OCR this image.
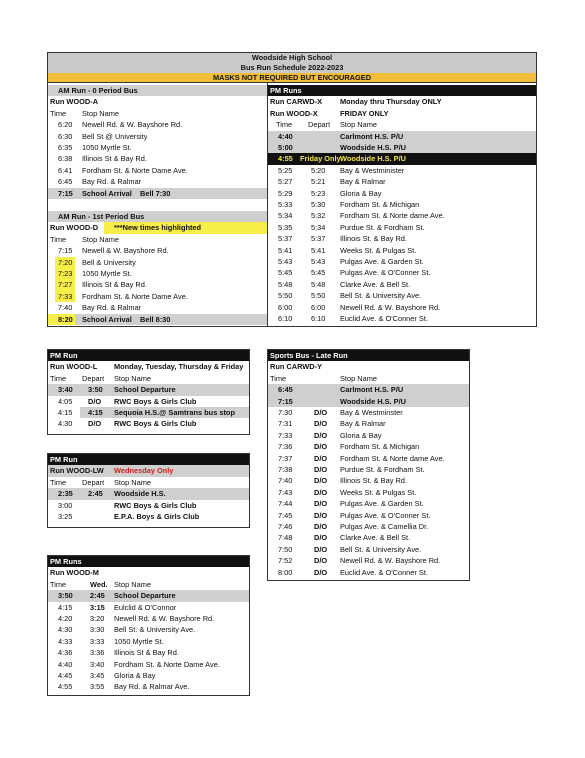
Woodside High School
Bus Run Schedule 2022-2023
MASKS NOT REQUIRED BUT ENCOURAGED
AM Run - 0 Period Bus
Run WOOD-A
Time Stop Name
6:20 Newell Rd. & W. Bayshore Rd.
6:30 Bell St @ University
6:35 1050 Myrtle St.
6:38 Illinois St & Bay Rd.
6:41 Fordham St. & Norte Dame Ave.
6:45 Bay Rd. & Ralmar
7:15 School Arrival Bell 7:30
AM Run - 1st Period Bus
Run WOOD-D	***New times highlighted
Time Stop Name
7:15 Newell & W. Bayshore Rd.
7:20	Bell & University
7:23	1050 Myrtle St.
7:27	Illinois St & Bay Rd.
7:33	Fordham St. & Norte Dame Ave.
7:40 Bay Rd. & Ralmar
8:20 School Arrival Bell 8:30
PM Runs
Run CARWD-X Monday thru Thursday ONLY
Run WOOD-X	FRIDAY ONLY
Time Depart Stop Name
4:40	Carlmont H.S. P/U
5:00	Woodside H.S. P/U
4:55 Friday Only Woodside H.S. P/U
5:25	5:20 Bay & Westminister
5:27	5:21 Bay & Ralmar
5:29	5:23 Gloria & Bay
5:33	5:30 Fordham St. & Michigan
5:34	5:32 Fordham St. & Norte dame Ave.
5:35	5:34 Purdue St. & Fordham St.
5:37	5:37 Illinois St. & Bay Rd.
5:41	5:41 Weeks St. & Pulgas St.
5:43	5:43 Pulgas Ave. & Garden St.
5:45	5:45 Pulgas Ave. & O'Conner St.
5:48	5:48 Clarke Ave. & Bell St.
5:50	5:50 Bell St. & University Ave.
6:00	6:00 Newell Rd. & W. Bayshore Rd.
6:10	6:10 Euclid Ave. & O'Conner St.
PM Run
Run WOOD-L Monday, Tuesday, Thursday & Friday
Time Depart Stop Name
3:40 3:50 School Departure
4:05 D/O RWC Boys & Girls Club
4:15	4:15 Sequoia H.S.@ Samtrans bus stop
4:30 D/O RWC Boys & Girls Club
PM Run
Run WOOD-LW Wednesday Only
Time Depart Stop Name
2:35 2:45 Woodside H.S.
3:00	RWC Boys & Girls Club
3:25	E.P.A. Boys & Girls Club
PM Runs
Run WOOD-M
Time	Wed. Stop Name
3:50 2:45 School Departure
4:15 3:15 Eulclid & O'Connor
4:20 3:20 Newell Rd. & W. Bayshore Rd.
4:30 3:30 Bell St. & University Ave.
4:33 3:33 1050 Myrtle St.
4:36 3:36 Illinois St & Bay Rd.
4:40 3:40 Fordham St. & Norte Dame Ave.
4:45 3:45 Gloria & Bay
4:55 3:55 Bay Rd. & Ralmar Ave.
Sports Bus - Late Run
Run CARWD-Y
Time	Stop Name
6:45	Carlmont H.S. P/U
7:15	Woodside H.S. P/U
7:30	D/O Bay & Westminster
7:31	D/O Bay & Ralmar
7:33	D/O Gloria & Bay
7:36	D/O Fordham St. & Michigan
7:37	D/O Fordham St. & Norte dame Ave.
7:38	D/O Purdue St. & Fordham St.
7:40	D/O Illinois St. & Bay Rd.
7:43	D/O Weeks St. & Pulgas St.
7:44	D/O Pulgas Ave. & Garden St.
7:45	D/O Pulgas Ave. & O'Conner St.
7:46	D/O Pulgas Ave. & Camellia Dr.
7:48	D/O Clarke Ave. & Bell St.
7:50	D/O Bell St. & University Ave.
7:52	D/O Newell Rd. & W. Bayshore Rd.
8:00	D/O Euclid Ave. & O'Conner St.
